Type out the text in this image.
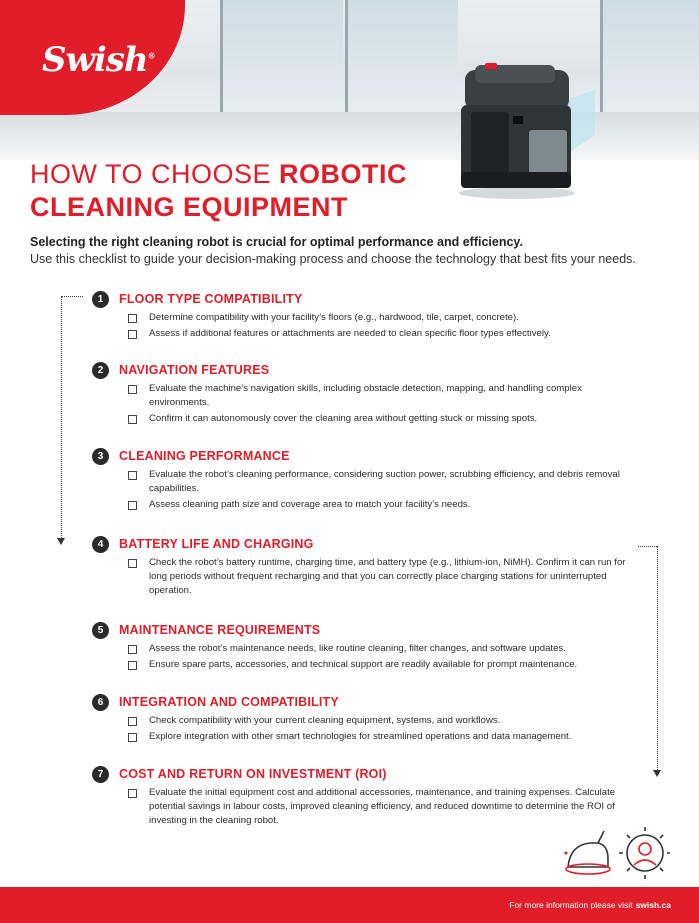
Swish®
HOW TO CHOOSE ROBOTIC
CLEANING EQUIPMENT
Selecting the right cleaning robot is crucial for optimal performance and efficiency.
Use this checklist to guide your decision-making process and choose the technology that best fits your needs.
1	FLOOR TYPE COMPATIBILITY
Determine compatibility with your facility’s floors (e.g., hardwood, tile, carpet, concrete).
Assess if additional features or attachments are needed to clean specific floor types effectively.
2	NAVIGATION FEATURES
Evaluate the machine’s navigation skills, including obstacle detection, mapping, and handling complex environments.
Confirm it can autonomously cover the cleaning area without getting stuck or missing spots.
3	CLEANING PERFORMANCE
Evaluate the robot’s cleaning performance, considering suction power, scrubbing efficiency, and debris removal capabilities.
Assess cleaning path size and coverage area to match your facility’s needs.
4	BATTERY LIFE AND CHARGING
Check the robot’s battery runtime, charging time, and battery type (e.g., lithium-ion, NiMH). Confirm it can run for long periods without frequent recharging and that you can correctly place charging stations for uninterrupted operation.
5	MAINTENANCE REQUIREMENTS
Assess the robot’s maintenance needs, like routine cleaning, filter changes, and software updates.
Ensure spare parts, accessories, and technical support are readily available for prompt maintenance.
6	INTEGRATION AND COMPATIBILITY
Check compatibility with your current cleaning equipment, systems, and workflows.
Explore integration with other smart technologies for streamlined operations and data management.
7	COST AND RETURN ON INVESTMENT (ROI)
Evaluate the initial equipment cost and additional accessories, maintenance, and training expenses. Calculate potential savings in labour costs, improved cleaning efficiency, and reduced downtime to determine the ROI of investing in the cleaning robot.
For more information please visit swish.ca
